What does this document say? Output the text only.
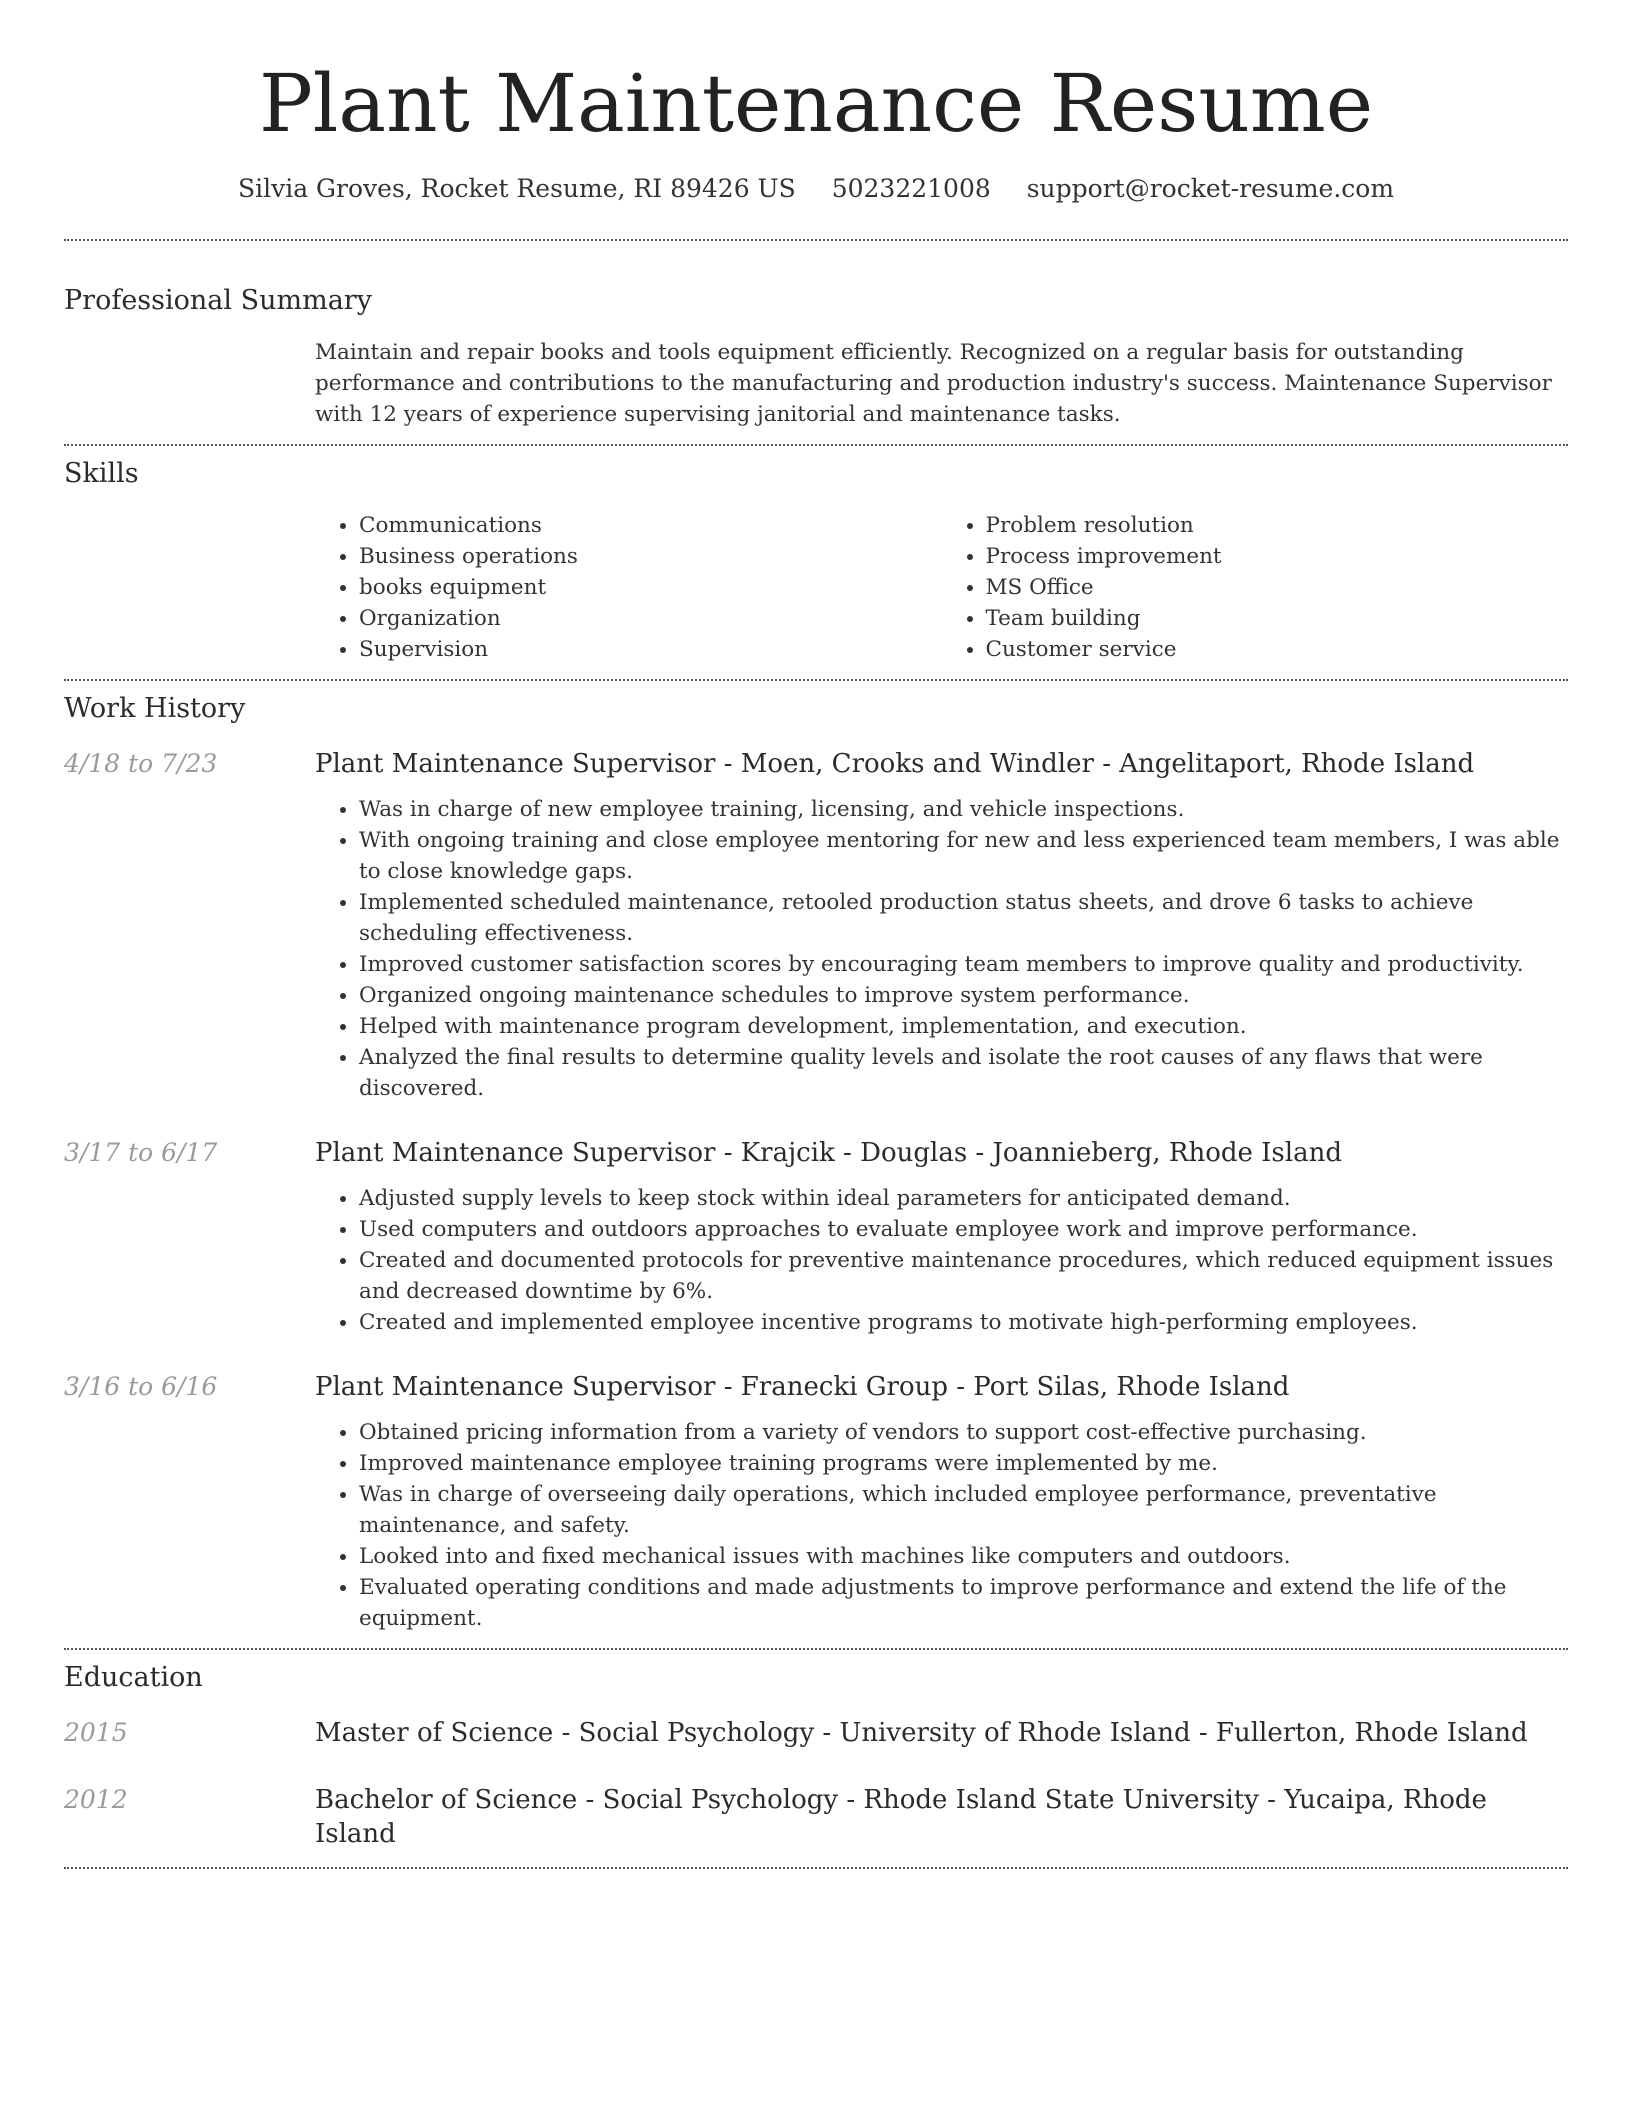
Plant Maintenance Resume
Silvia Groves, Rocket Resume, RI 89426 US 5023221008 support@rocket-resume.com
Professional Summary
Maintain and repair books and tools equipment efficiently. Recognized on a regular basis for outstanding performance and contributions to the manufacturing and production industry's success. Maintenance Supervisor with 12 years of experience supervising janitorial and maintenance tasks.
Skills
• Communications
• Business operations
• books equipment
• Organization
• Supervision
• Problem resolution
• Process improvement
• MS Office
• Team building
• Customer service
Work History
4/18 to 7/23	Plant Maintenance Supervisor - Moen, Crooks and Windler - Angelitaport, Rhode Island
• Was in charge of new employee training, licensing, and vehicle inspections.
• With ongoing training and close employee mentoring for new and less experienced team members, I was able to close knowledge gaps.
• Implemented scheduled maintenance, retooled production status sheets, and drove 6 tasks to achieve scheduling effectiveness.
• Improved customer satisfaction scores by encouraging team members to improve quality and productivity.
• Organized ongoing maintenance schedules to improve system performance.
• Helped with maintenance program development, implementation, and execution.
• Analyzed the final results to determine quality levels and isolate the root causes of any flaws that were discovered.
3/17 to 6/17	Plant Maintenance Supervisor - Krajcik - Douglas - Joannieberg, Rhode Island
• Adjusted supply levels to keep stock within ideal parameters for anticipated demand.
• Used computers and outdoors approaches to evaluate employee work and improve performance.
• Created and documented protocols for preventive maintenance procedures, which reduced equipment issues and decreased downtime by 6%.
• Created and implemented employee incentive programs to motivate high-performing employees.
3/16 to 6/16	Plant Maintenance Supervisor - Franecki Group - Port Silas, Rhode Island
• Obtained pricing information from a variety of vendors to support cost-effective purchasing.
• Improved maintenance employee training programs were implemented by me.
• Was in charge of overseeing daily operations, which included employee performance, preventative maintenance, and safety.
• Looked into and fixed mechanical issues with machines like computers and outdoors.
• Evaluated operating conditions and made adjustments to improve performance and extend the life of the equipment.
Education
2015	Master of Science - Social Psychology - University of Rhode Island - Fullerton, Rhode Island
2012	Bachelor of Science - Social Psychology - Rhode Island State University - Yucaipa, Rhode Island
